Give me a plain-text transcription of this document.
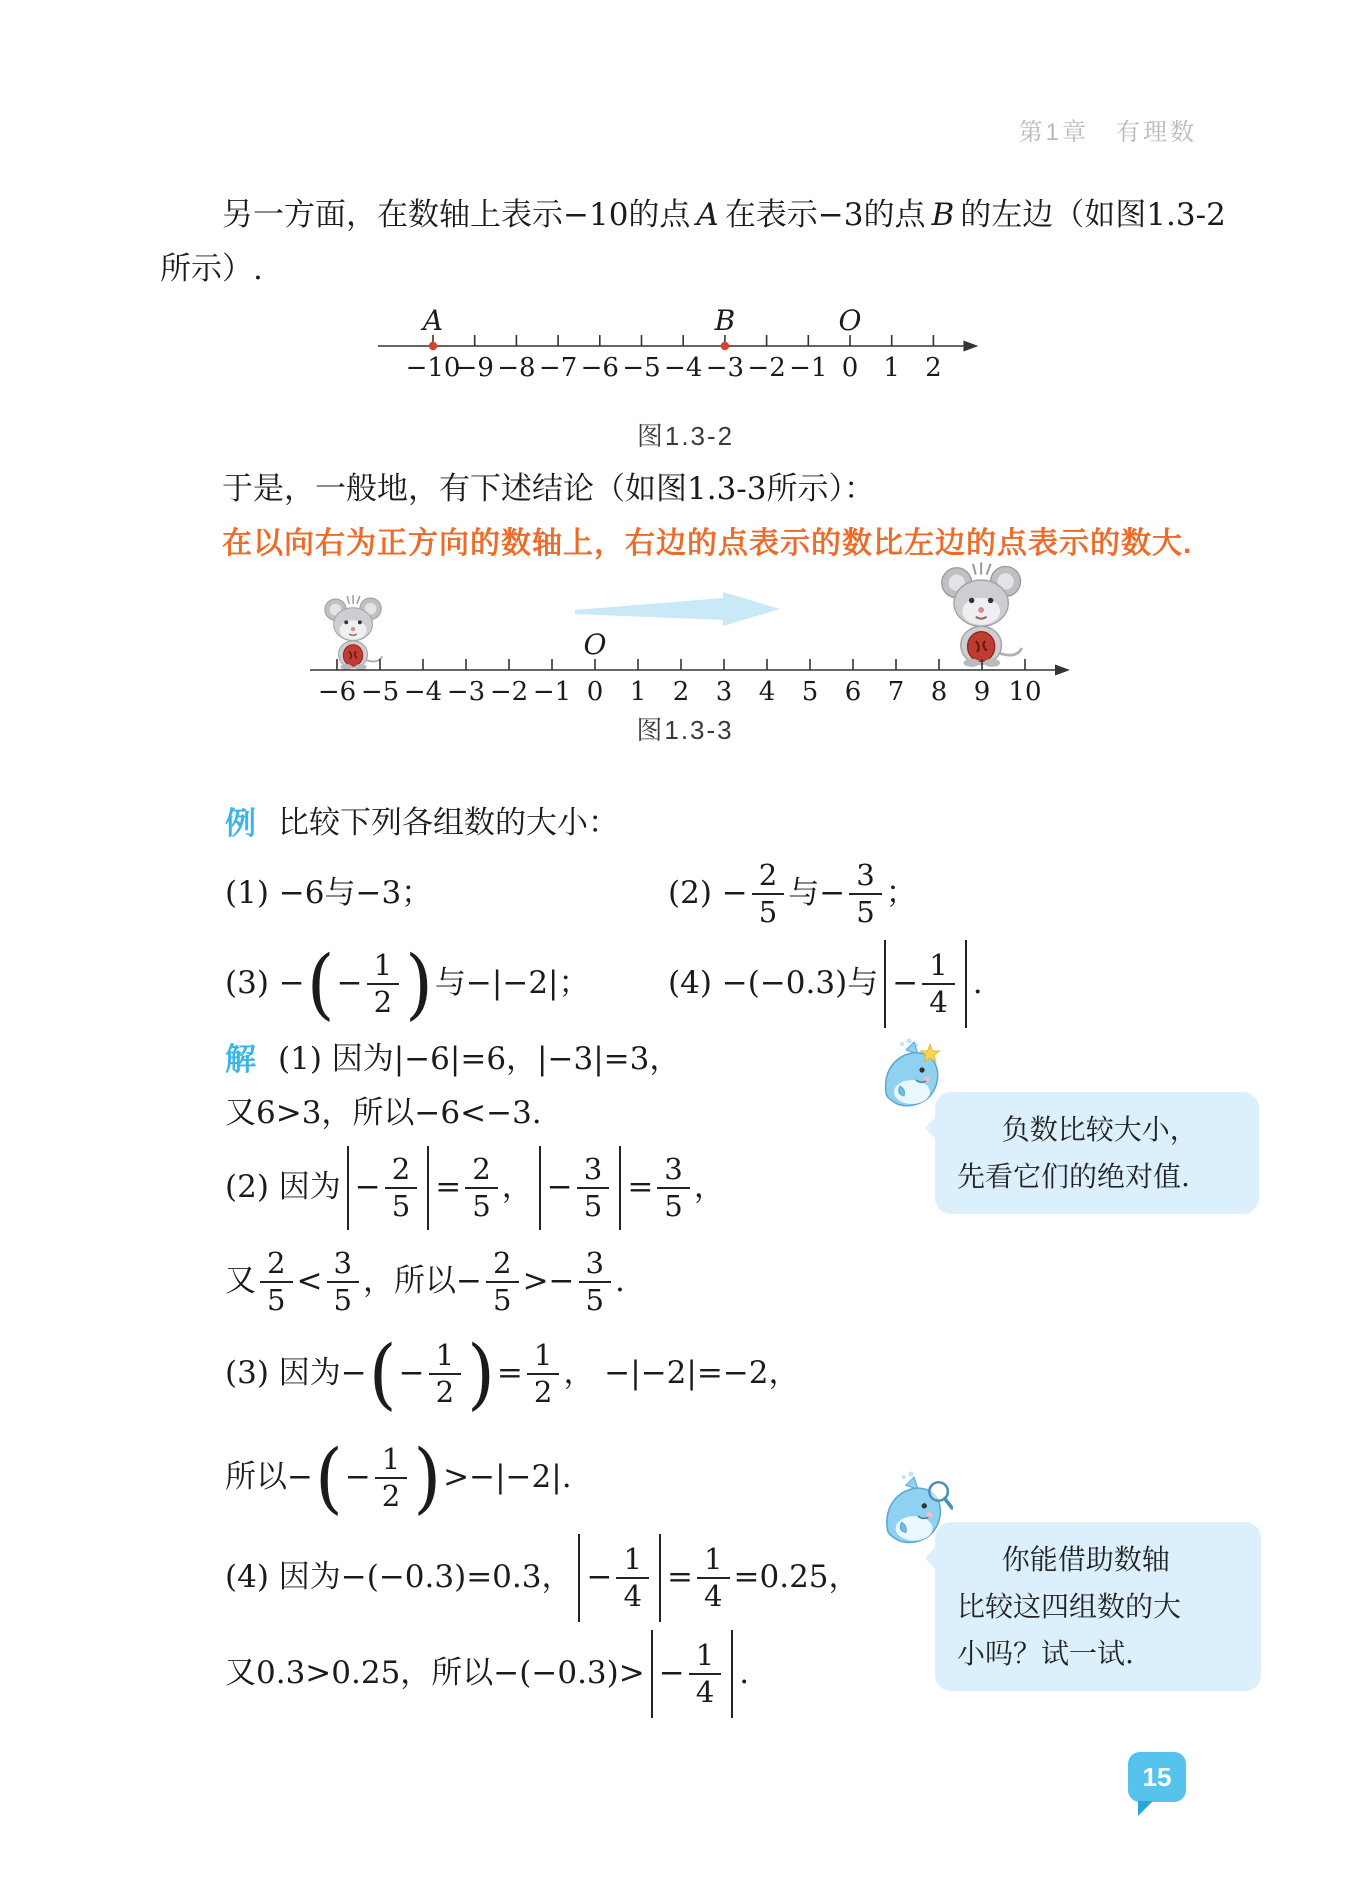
第1章　有理数
另一方面，在数轴上表示−10的点 A 在表示−3的点 B 的左边（如图1.3-2
所示）.
−10
−9 −8 −7 −6 −5 −4 −3 −2 −1 0 1 2
A	B	O
图1.3-2
于是，一般地，有下述结论（如图1.3-3所示）：
在以向右为正方向的数轴上，右边的点表示的数比左边的点表示的数大.
−6 −5 −4 −3 −2 −1 0 1 2 3 4 5 6 7 8 9 10
O
图1.3-3
例 比较下列各组数的大小：
(1) −6与−3；	$(2) - \frac{2}{5}$ 与− $\frac{3}{5}$ ；
(3) − ( − $\frac{1}{2}$ ) 与−|−2|；	(4) −(−0.3)与 − $\frac{1}{4}$ .
解 (1) 因为|−6|=6，|−3|=3，
又6>3，所以−6<−3.
(2) 因为 − $\frac{2}{5} = \frac{2}{5}$ ， − $\frac{3}{5} = \frac{3}{5}$ ，
又 $\frac{2}{5} < \frac{3}{5}$ ，所以− $\frac{2}{5} >- \frac{3}{5}$ .
(3) 因为− ( − $\frac{1}{2}$ ) = $\frac{1}{2}$ ， −|−2|=−2，
所以− ( − $\frac{1}{2}$ ) >−|−2|.
(4) 因为−(−0.3)=0.3， − $\frac{1}{4} = \frac{1}{4} =0.25$，
又0.3>0.25，所以$-(-0.3)> - \frac{1}{4}$ .
负数比较大小，
先看它们的绝对值.
你能借助数轴
比较这四组数的大
小吗？试一试.
15
